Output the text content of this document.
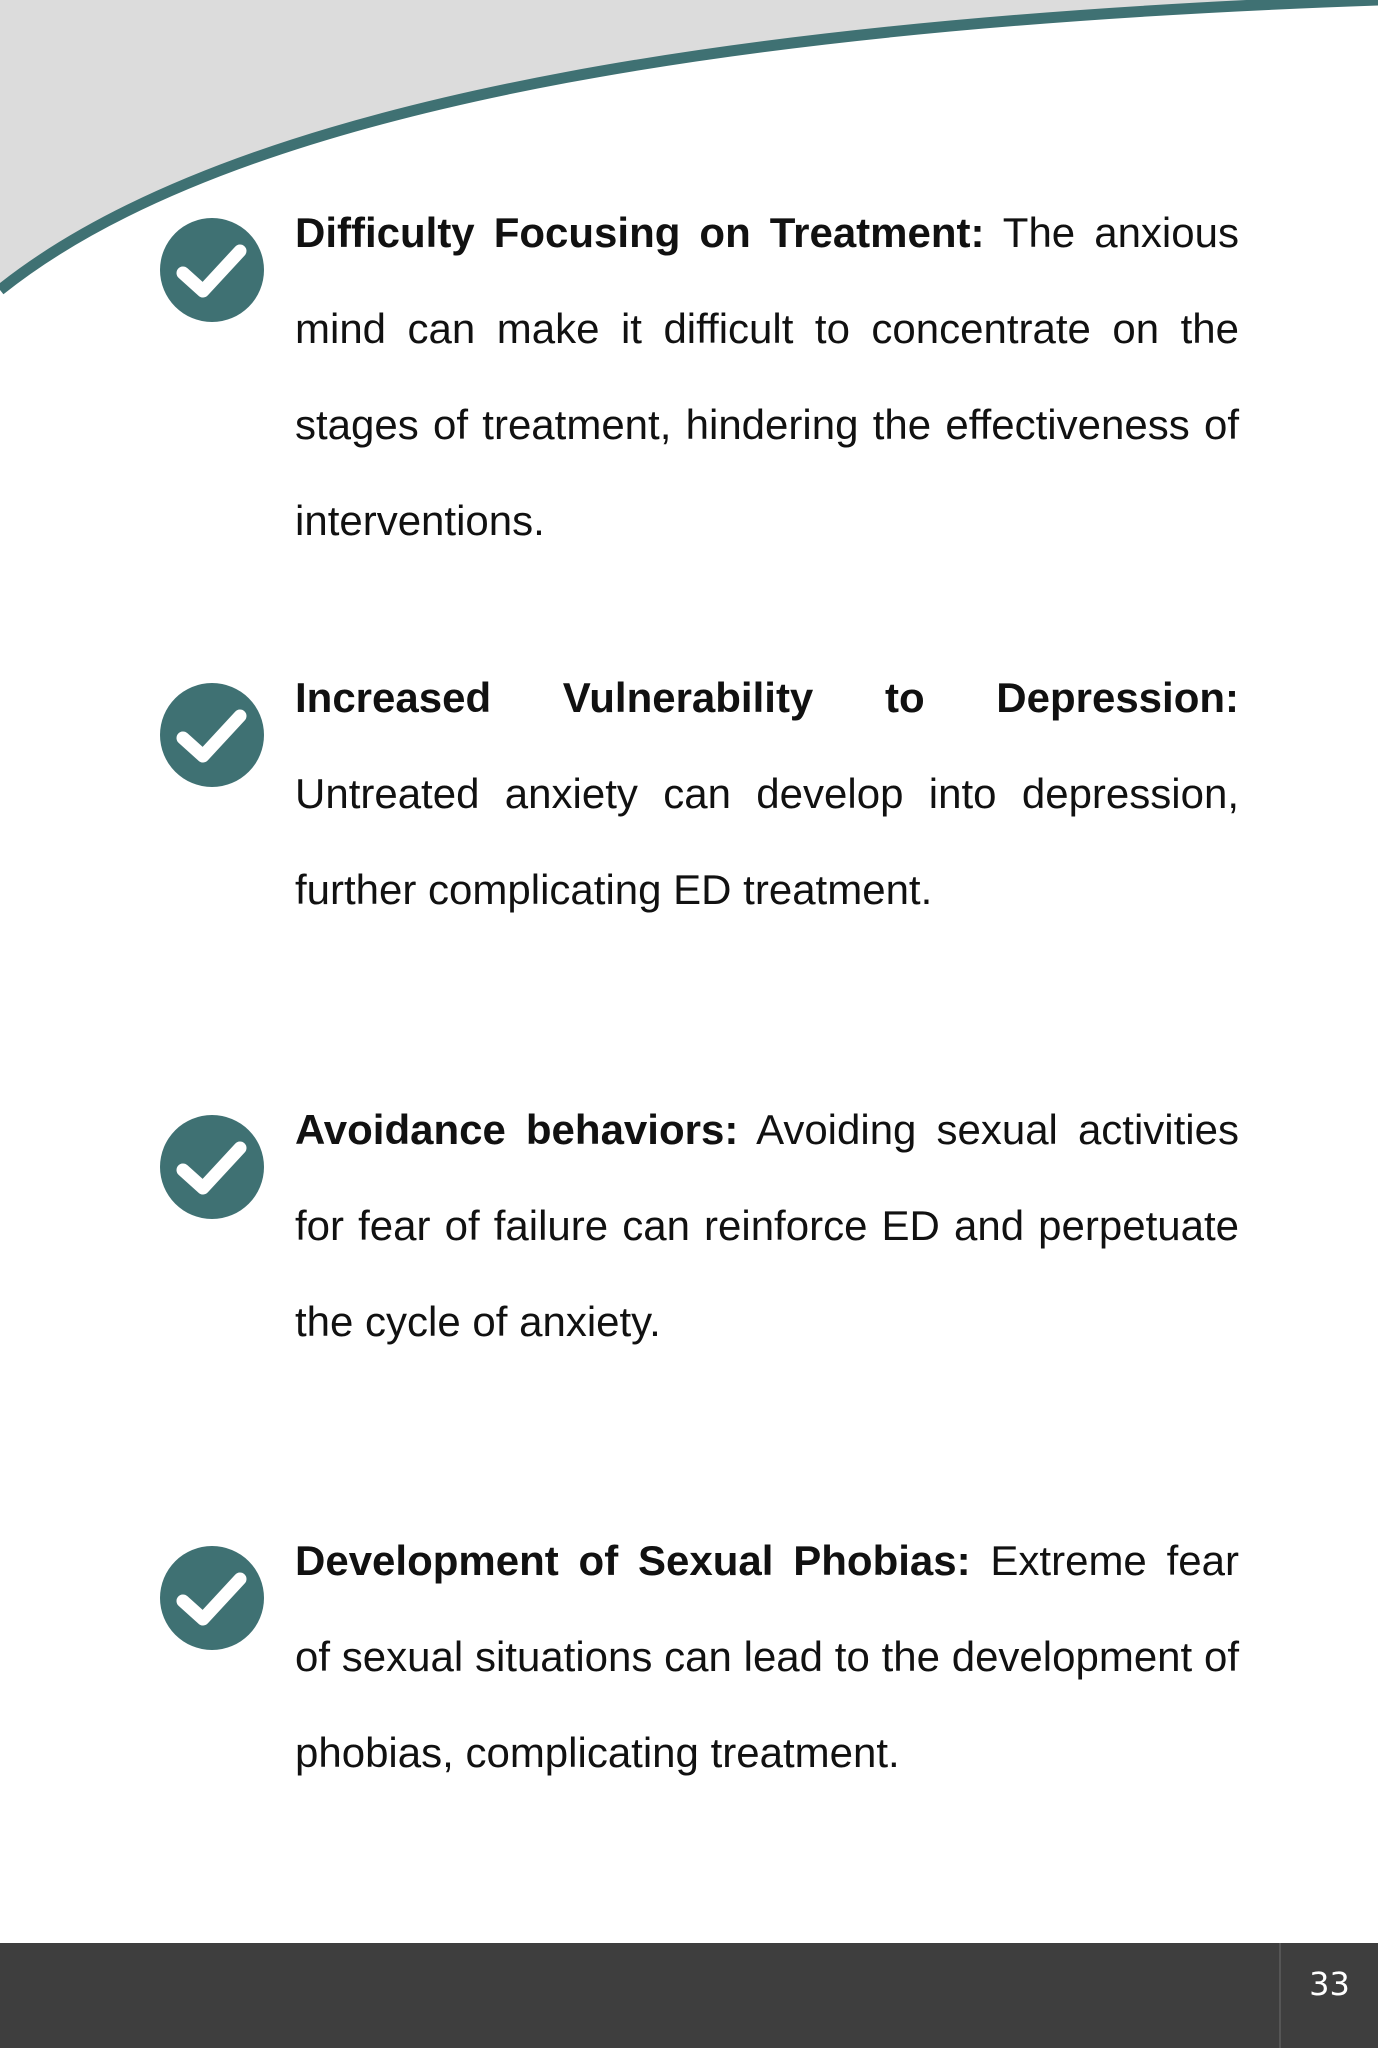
Difficulty Focusing on Treatment: The anxious mind can make it difficult to concentrate on the stages of treatment, hindering the effectiveness of interventions.

Increased Vulnerability to Depression: Untreated anxiety can develop into depression, further complicating ED treatment.

Avoidance behaviors: Avoiding sexual activities for fear of failure can reinforce ED and perpetuate the cycle of anxiety.

Development of Sexual Phobias: Extreme fear of sexual situations can lead to the development of phobias, complicating treatment.

33
